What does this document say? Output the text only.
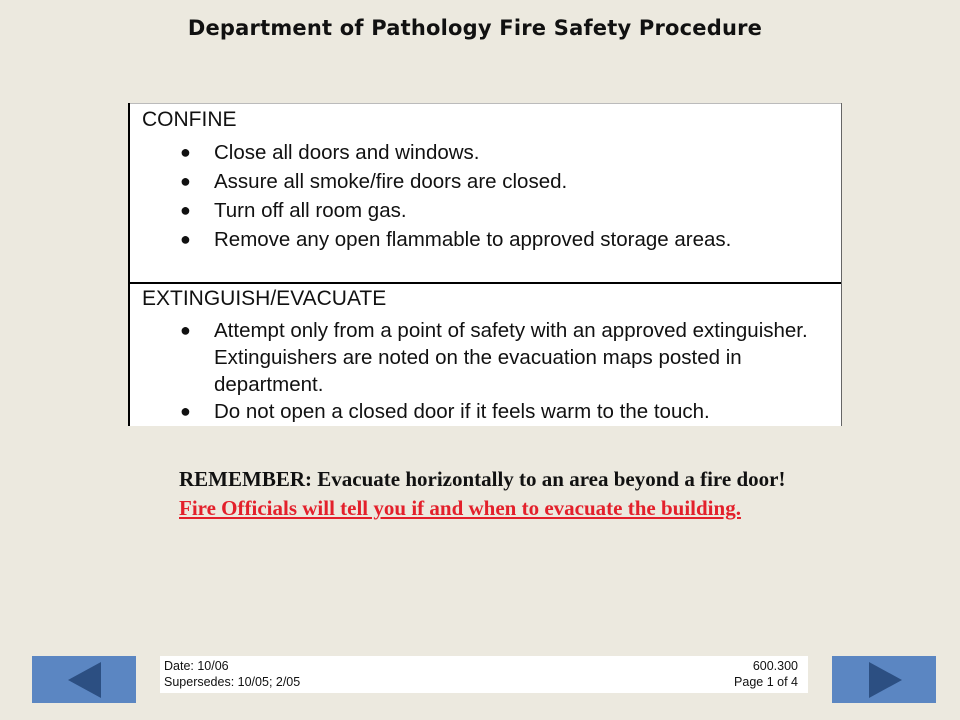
Department of Pathology Fire Safety Procedure
CONFINE
● Close all doors and windows.
● Assure all smoke/fire doors are closed.
● Turn off all room gas.
● Remove any open flammable to approved storage areas.
EXTINGUISH/EVACUATE
● Attempt only from a point of safety with an approved extinguisher. Extinguishers are noted on the evacuation maps posted in department.
● Do not open a closed door if it feels warm to the touch.
REMEMBER: Evacuate horizontally to an area beyond a fire door!
Fire Officials will tell you if and when to evacuate the building.
Date: 10/06
Supersedes: 10/05; 2/05
600.300
Page 1 of 4
